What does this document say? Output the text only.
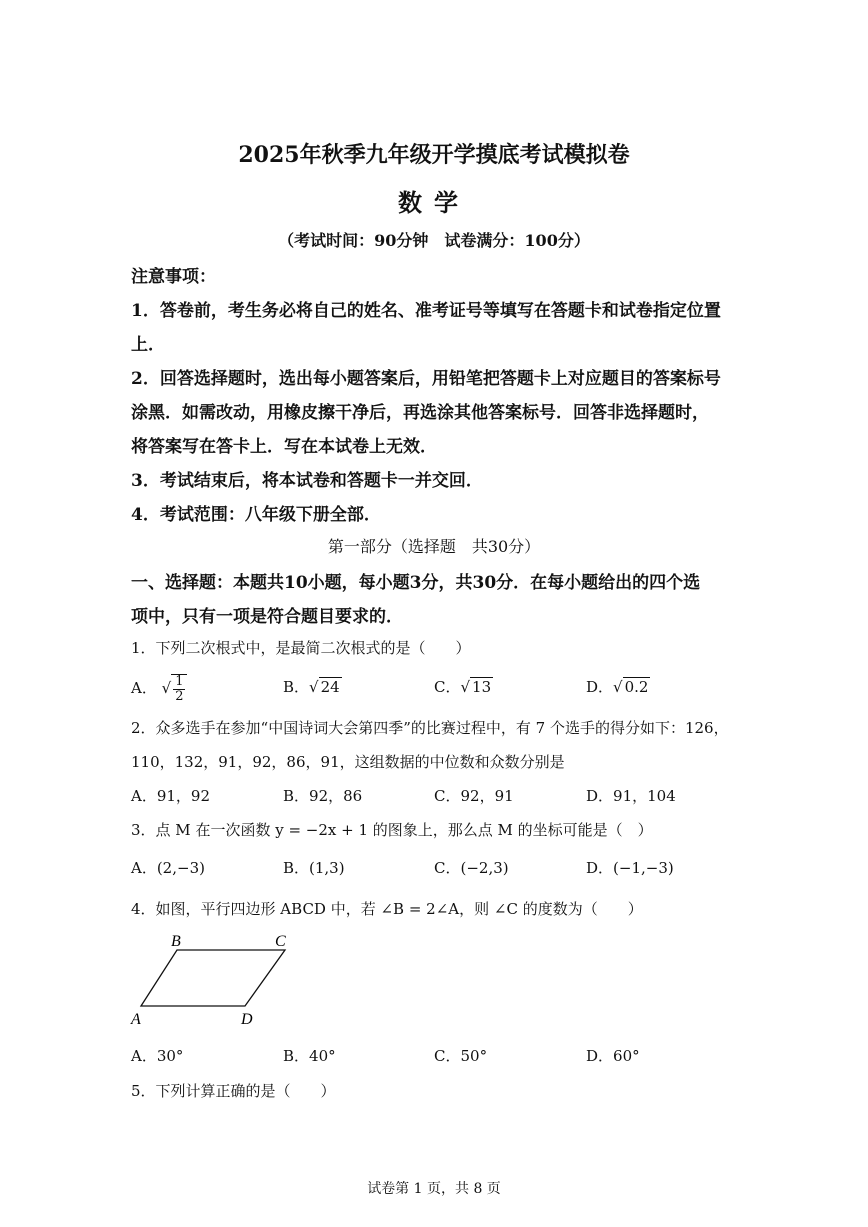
2025年秋季九年级开学摸底考试模拟卷
数学
（考试时间：90分钟　试卷满分：100分）
注意事项：
1．答卷前，考生务必将自己的姓名、准考证号等填写在答题卡和试卷指定位置
上．
2．回答选择题时，选出每小题答案后，用铅笔把答题卡上对应题目的答案标号
涂黑．如需改动，用橡皮擦干净后，再选涂其他答案标号．回答非选择题时，
将答案写在答卡上．写在本试卷上无效．
3．考试结束后，将本试卷和答题卡一并交回．
4．考试范围：八年级下册全部．
第一部分（选择题　共30分）
一、选择题：本题共10小题，每小题3分，共30分．在每小题给出的四个选
项中，只有一项是符合题目要求的．
1．下列二次根式中，是最简二次根式的是（　　）
A． √ $\frac{1}{2}$	B．√ 24	C．√ 13	D．√ 0.2
2．众多选手在参加“中国诗词大会第四季”的比赛过程中，有 7 个选手的得分如下：126，
110，132，91，92，86，91，这组数据的中位数和众数分别是
A．91，92	B．92，86	C．92，91	D．91，104
3．点 M 在一次函数 y = −2x + 1 的图象上，那么点 M 的坐标可能是（　）
A．(2,−3)	B．(1,3)	C．(−2,3)	D．(−1,−3)
4．如图，平行四边形 ABCD 中，若 ∠B = 2∠A，则 ∠C 的度数为（　　）
B	C
A	D
A．30°	B．40°	C．50°	D．60°
5．下列计算正确的是（　　）
试卷第 1 页，共 8 页
